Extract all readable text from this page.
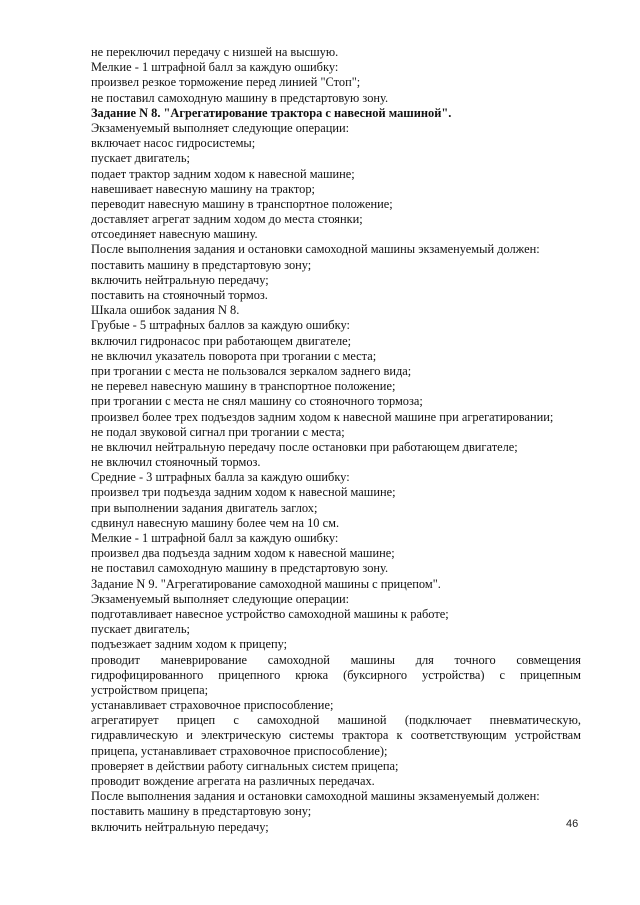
не переключил передачу с низшей на высшую.
Мелкие - 1 штрафной балл за каждую ошибку:
произвел резкое торможение перед линией "Стоп";
не поставил самоходную машину в предстартовую зону.
Задание N 8. "Агрегатирование трактора с навесной машиной".
Экзаменуемый выполняет следующие операции:
включает насос гидросистемы;
пускает двигатель;
подает трактор задним ходом к навесной машине;
навешивает навесную машину на трактор;
переводит навесную машину в транспортное положение;
доставляет агрегат задним ходом до места стоянки;
отсоединяет навесную машину.
После выполнения задания и остановки самоходной машины экзаменуемый должен:
поставить машину в предстартовую зону;
включить нейтральную передачу;
поставить на стояночный тормоз.
Шкала ошибок задания N 8.
Грубые - 5 штрафных баллов за каждую ошибку:
включил гидронасос при работающем двигателе;
не включил указатель поворота при трогании с места;
при трогании с места не пользовался зеркалом заднего вида;
не перевел навесную машину в транспортное положение;
при трогании с места не снял машину со стояночного тормоза;
произвел более трех подъездов задним ходом к навесной машине при агрегатировании;
не подал звуковой сигнал при трогании с места;
не включил нейтральную передачу после остановки при работающем двигателе;
не включил стояночный тормоз.
Средние - 3 штрафных балла за каждую ошибку:
произвел три подъезда задним ходом к навесной машине;
при выполнении задания двигатель заглох;
сдвинул навесную машину более чем на 10 см.
Мелкие - 1 штрафной балл за каждую ошибку:
произвел два подъезда задним ходом к навесной машине;
не поставил самоходную машину в предстартовую зону.
Задание N 9. "Агрегатирование самоходной машины с прицепом".
Экзаменуемый выполняет следующие операции:
подготавливает навесное устройство самоходной машины к работе;
пускает двигатель;
подъезжает задним ходом к прицепу;
проводит маневрирование самоходной машины для точного совмещения
гидрофицированного прицепного крюка (буксирного устройства) с прицепным
устройством прицепа;
устанавливает страховочное приспособление;
агрегатирует прицеп с самоходной машиной (подключает пневматическую,
гидравлическую и электрическую системы трактора к соответствующим устройствам
прицепа, устанавливает страховочное приспособление);
проверяет в действии работу сигнальных систем прицепа;
проводит вождение агрегата на различных передачах.
После выполнения задания и остановки самоходной машины экзаменуемый должен:
поставить машину в предстартовую зону;
включить нейтральную передачу;	46
